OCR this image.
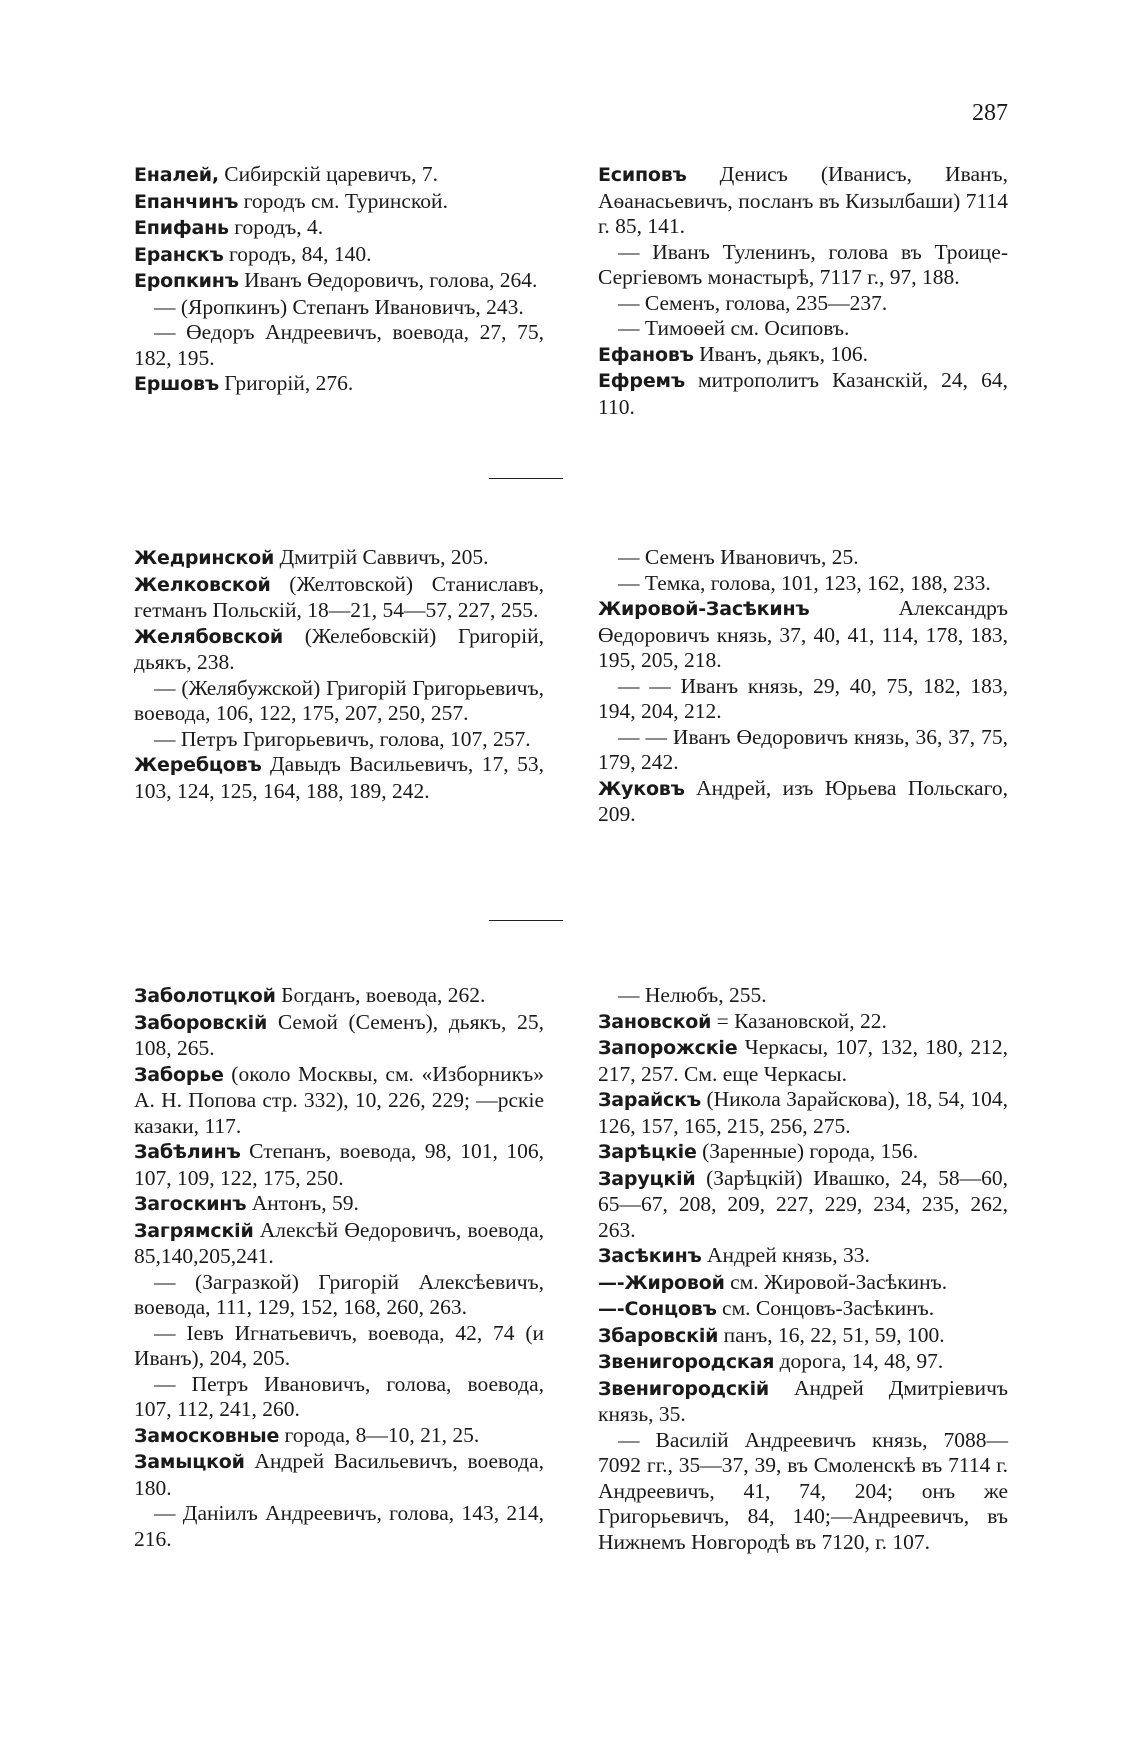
287

Еналей, Сибирскій царевичъ, 7.

Епанчинъ городъ см. Туринской.

Епифань городъ, 4.

Еранскъ городъ, 84, 140.

Еропкинъ Иванъ Өедоровичъ, голова, 264.

— (Яропкинъ) Степанъ Ивановичъ, 243.

— Өедоръ Андреевичъ, воевода, 27, 75, 182, 195.

Ершовъ Григорій, 276.

Есиповъ Денисъ (Иванисъ, Иванъ, Аѳанасьевичъ, посланъ въ Кизылбаши) 7114 г. 85, 141.

— Иванъ Туленинъ, голова въ Троице-Сергіевомъ монастырѣ, 7117 г., 97, 188.

— Семенъ, голова, 235—237.

— Тимоѳей см. Осиповъ.

Ефановъ Иванъ, дьякъ, 106.

Ефремъ митрополитъ Казанскій, 24, 64, 110.

Жедринской Дмитрій Саввичъ, 205.

Желковской (Желтовской) Станиславъ, гетманъ Польскій, 18—21, 54—57, 227, 255.

Желябовской (Желебовскій) Григорій, дьякъ, 238.

— (Желябужской) Григорій Григорьевичъ, воевода, 106, 122, 175, 207, 250, 257.

— Петръ Григорьевичъ, голова, 107, 257.

Жеребцовъ Давыдъ Васильевичъ, 17, 53, 103, 124, 125, 164, 188, 189, 242.

— Семенъ Ивановичъ, 25.

— Темка, голова, 101, 123, 162, 188, 233.

Жировой-Засѣкинъ Александръ Өедоровичъ князь, 37, 40, 41, 114, 178, 183, 195, 205, 218.

— — Иванъ князь, 29, 40, 75, 182, 183, 194, 204, 212.

— — Иванъ Өедоровичъ князь, 36, 37, 75, 179, 242.

Жуковъ Андрей, изъ Юрьева Польскаго, 209.

Заболотцкой Богданъ, воевода, 262.

Заборовскій Семой (Семенъ), дьякъ, 25, 108, 265.

Заборье (около Москвы, см. «Изборникъ» А. Н. Попова стр. 332), 10, 226, 229; —рскіе казаки, 117.

Забѣлинъ Степанъ, воевода, 98, 101, 106, 107, 109, 122, 175, 250.

Загоскинъ Антонъ, 59.

Загрямскій Алексѣй Өедоровичъ, воевода, 85,140,205,241.

— (Загразкой) Григорій Алексѣевичъ, воевода, 111, 129, 152, 168, 260, 263.

— Іевъ Игнатьевичъ, воевода, 42, 74 (и Иванъ), 204, 205.

— Петръ Ивановичъ, голова, воевода, 107, 112, 241, 260.

Замосковные города, 8—10, 21, 25.

Замыцкой Андрей Васильевичъ, воевода, 180.

— Даніилъ Андреевичъ, голова, 143, 214, 216.

— Нелюбъ, 255.

Зановской = Казановской, 22.

Запорожскіе Черкасы, 107, 132, 180, 212, 217, 257. См. еще Черкасы.

Зарайскъ (Никола Зарайскова), 18, 54, 104, 126, 157, 165, 215, 256, 275.

Зарѣцкіе (Заренные) города, 156.

Заруцкій (Зарѣцкій) Ивашко, 24, 58—60, 65—67, 208, 209, 227, 229, 234, 235, 262, 263.

Засѣкинъ Андрей князь, 33.

—-Жировой см. Жировой-Засѣкинъ.

—-Сонцовъ см. Сонцовъ-Засѣкинъ.

Збаровскій панъ, 16, 22, 51, 59, 100.

Звенигородская дорога, 14, 48, 97.

Звенигородскій Андрей Дмитріевичъ князь, 35.

— Василій Андреевичъ князь, 7088—7092 гг., 35—37, 39, въ Смоленскѣ въ 7114 г. Андреевичъ, 41, 74, 204; онъ же Григорьевичъ, 84, 140;—Андреевичъ, въ Нижнемъ Новгородѣ въ 7120, г. 107.
